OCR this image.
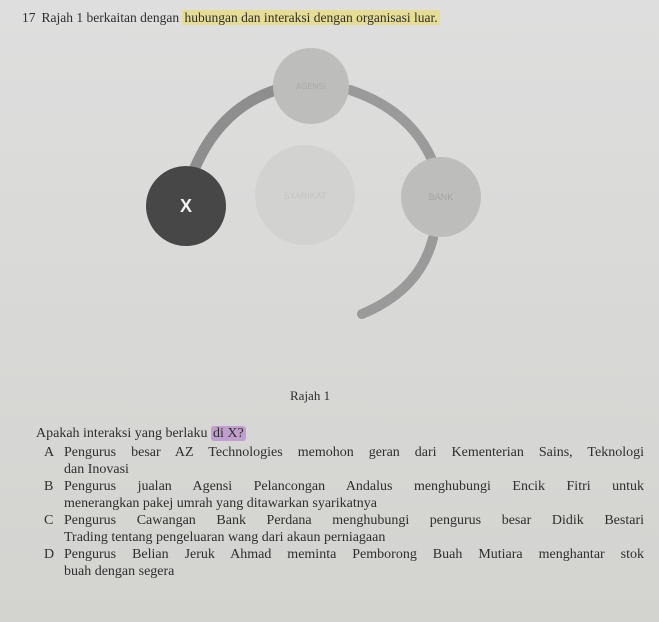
17 Rajah 1 berkaitan dengan hubungan dan interaksi dengan organisasi luar.
SYARIKAT
AGENSI
X	BANK
Rajah 1
Apakah interaksi yang berlaku di X?
A Pengurus besar AZ Technologies memohon geran dari Kementerian Sains, Teknologi
dan Inovasi
B Pengurus jualan Agensi Pelancongan Andalus menghubungi Encik Fitri untuk
menerangkan pakej umrah yang ditawarkan syarikatnya
C Pengurus Cawangan Bank Perdana menghubungi pengurus besar Didik Bestari
Trading tentang pengeluaran wang dari akaun perniagaan
D Pengurus Belian Jeruk Ahmad meminta Pemborong Buah Mutiara menghantar stok
buah dengan segera
